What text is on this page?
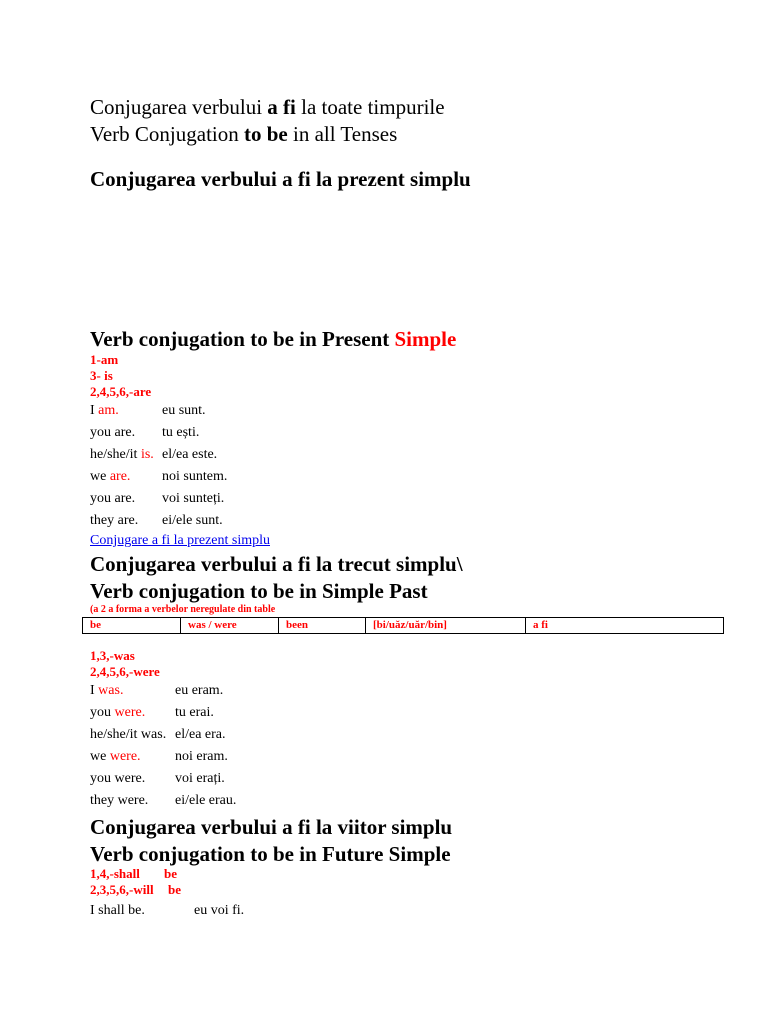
Conjugarea verbului a fi la toate timpurile
Verb Conjugation to be in all Tenses
Conjugarea verbului a fi la prezent simplu
Verb conjugation to be in Present Simple
1-am
3- is
2,4,5,6,-are
I am.	eu sunt.
you are. tu ești.
he/she/it is. el/ea este.
we are. noi suntem.
you are. voi sunteți.
they are. ei/ele sunt.
Conjugare a fi la prezent simplu
Conjugarea verbului a fi la trecut simplu\
Verb conjugation to be in Simple Past
(a 2 a forma a verbelor neregulate din table
be	was / were	been	[bi/uăz/uăr/bin]	a fi
1,3,-was
2,4,5,6,-were
I was.	eu eram.
you were. tu erai.
he/she/it was. el/ea era.
we were. noi eram.
you were. voi erați.
they were. ei/ele erau.
Conjugarea verbului a fi la viitor simplu
Verb conjugation to be in Future Simple
1,4,-shall be
2,3,5,6,-will be
I shall be.	eu voi fi.
